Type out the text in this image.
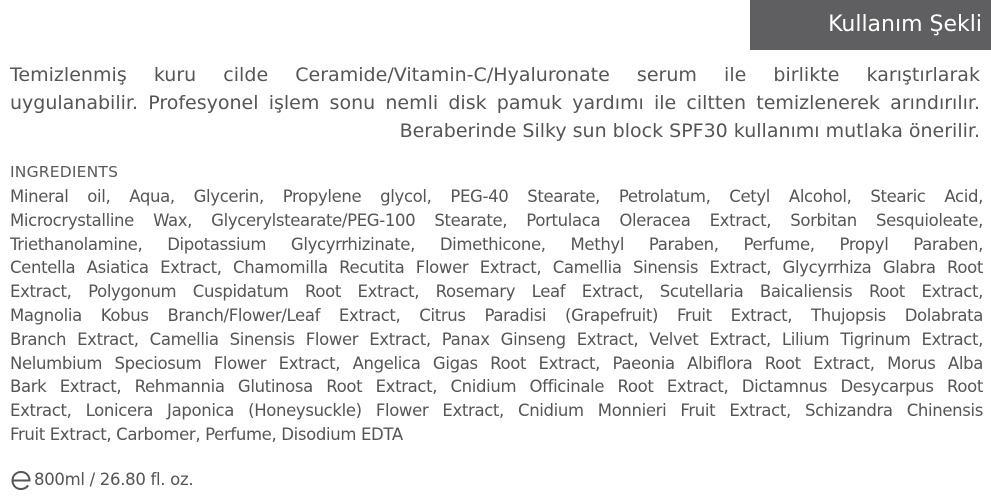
Kullanım Şekli
Temizlenmiş kuru cilde Ceramide/Vitamin-C/Hyaluronate serum ile birlikte karıştırlarak
uygulanabilir. Profesyonel işlem sonu nemli disk pamuk yardımı ile ciltten temizlenerek arındırılır.
Beraberinde Silky sun block SPF30 kullanımı mutlaka önerilir.
INGREDIENTS
Mineral oil, Aqua, Glycerin, Propylene glycol, PEG-40 Stearate, Petrolatum, Cetyl Alcohol, Stearic Acid,
Microcrystalline Wax, Glycerylstearate/PEG-100 Stearate, Portulaca Oleracea Extract, Sorbitan Sesquioleate,
Triethanolamine, Dipotassium Glycyrrhizinate, Dimethicone, Methyl Paraben, Perfume, Propyl Paraben,
Centella Asiatica Extract, Chamomilla Recutita Flower Extract, Camellia Sinensis Extract, Glycyrrhiza Glabra Root
Extract, Polygonum Cuspidatum Root Extract, Rosemary Leaf Extract, Scutellaria Baicaliensis Root Extract,
Magnolia Kobus Branch/Flower/Leaf Extract, Citrus Paradisi (Grapefruit) Fruit Extract, Thujopsis Dolabrata
Branch Extract, Camellia Sinensis Flower Extract, Panax Ginseng Extract, Velvet Extract, Lilium Tigrinum Extract,
Nelumbium Speciosum Flower Extract, Angelica Gigas Root Extract, Paeonia Albiflora Root Extract, Morus Alba
Bark Extract, Rehmannia Glutinosa Root Extract, Cnidium Officinale Root Extract, Dictamnus Desycarpus Root
Extract, Lonicera Japonica (Honeysuckle) Flower Extract, Cnidium Monnieri Fruit Extract, Schizandra Chinensis
Fruit Extract, Carbomer, Perfume, Disodium EDTA
800ml / 26.80 fl. oz.
